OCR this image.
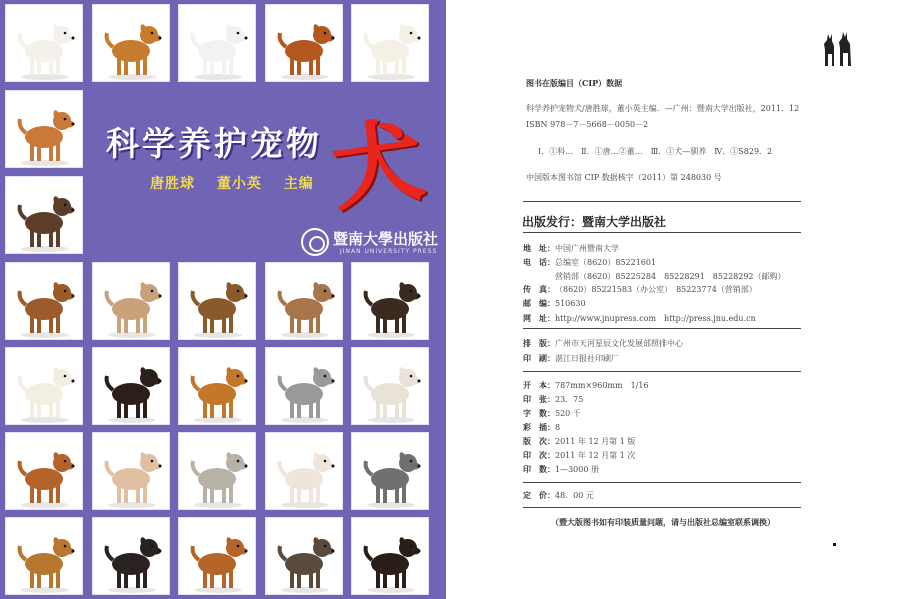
科学养护宠物 犬
唐胜球 董小英 主编
暨南大學出版社
JINAN UNIVERSITY PRESS
图书在版编目（CIP）数据
科学养护宠物犬/唐胜球，董小英主编．—广州：暨南大学出版社，2011．12
ISBN 978－7－5668－0050－2
Ⅰ．①科…　Ⅱ．①唐…②董…　Ⅲ．①犬—驯养　Ⅳ．①S829．2
中国版本图书馆 CIP 数据核字（2011）第 248030 号
出版发行：暨南大学出版社
地　址：中国广州暨南大学
电　话：总编室（8620）85221601
营销部（8620）85225284　85228291　85228292（邮购）
传　真：（8620）85221583（办公室）　85223774（营销部）
邮　编：510630
网　址：http://www.jnupress.com　http://press.jnu.edu.cn
排　版：广州市天河星辰文化发展部照排中心
印　刷：湛江日报社印刷厂
开　本：787mm×960mm　1/16
印　张：23．75
字　数：520 千
彩　插：8
版　次：2011 年 12 月第 1 版
印　次：2011 年 12 月第 1 次
印　数：1—3000 册
定　价：48．00 元
（暨大版图书如有印装质量问题，请与出版社总编室联系调换）
